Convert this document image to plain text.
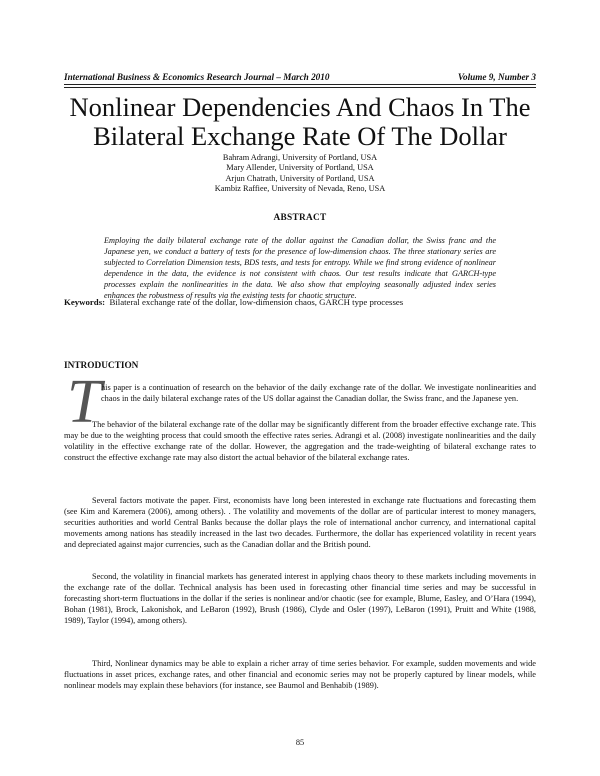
International Business & Economics Research Journal – March 2010	Volume 9, Number 3
Nonlinear Dependencies And Chaos In The
Bilateral Exchange Rate Of The Dollar
Bahram Adrangi, University of Portland, USA
Mary Allender, University of Portland, USA
Arjun Chatrath, University of Portland, USA
Kambiz Raffiee, University of Nevada, Reno, USA
ABSTRACT
Employing the daily bilateral exchange rate of the dollar against the Canadian dollar, the Swiss franc and the Japanese yen, we conduct a battery of tests for the presence of low-dimension chaos. The three stationary series are subjected to Correlation Dimension tests, BDS tests, and tests for entropy. While we find strong evidence of nonlinear dependence in the data, the evidence is not consistent with chaos. Our test results indicate that GARCH-type processes explain the nonlinearities in the data. We also show that employing seasonally adjusted index series enhances the robustness of results via the existing tests for chaotic structure.
Keywords: Bilateral exchange rate of the dollar, low-dimension chaos, GARCH type processes
INTRODUCTION
T his paper is a continuation of research on the behavior of the daily exchange rate of the dollar. We investigate nonlinearities and chaos in the daily bilateral exchange rates of the US dollar against the Canadian dollar, the Swiss franc, and the Japanese yen.
The behavior of the bilateral exchange rate of the dollar may be significantly different from the broader effective exchange rate. This may be due to the weighting process that could smooth the effective rates series. Adrangi et al. (2008) investigate nonlinearities and the daily volatility in the effective exchange rate of the dollar. However, the aggregation and the trade-weighting of bilateral exchange rates to construct the effective exchange rate may also distort the actual behavior of the bilateral exchange rates.
Several factors motivate the paper. First, economists have long been interested in exchange rate fluctuations and forecasting them (see Kim and Karemera (2006), among others). . The volatility and movements of the dollar are of particular interest to money managers, securities authorities and world Central Banks because the dollar plays the role of international anchor currency, and international capital movements among nations has steadily increased in the last two decades. Furthermore, the dollar has experienced volatility in recent years and depreciated against major currencies, such as the Canadian dollar and the British pound.
Second, the volatility in financial markets has generated interest in applying chaos theory to these markets including movements in the exchange rate of the dollar. Technical analysis has been used in forecasting other financial time series and may be successful in forecasting short-term fluctuations in the dollar if the series is nonlinear and/or chaotic (see for example, Blume, Easley, and O’Hara (1994), Bohan (1981), Brock, Lakonishok, and LeBaron (1992), Brush (1986), Clyde and Osler (1997), LeBaron (1991), Pruitt and White (1988, 1989), Taylor (1994), among others).
Third, Nonlinear dynamics may be able to explain a richer array of time series behavior. For example, sudden movements and wide fluctuations in asset prices, exchange rates, and other financial and economic series may not be properly captured by linear models, while nonlinear models may explain these behaviors (for instance, see Baumol and Benhabib (1989).
85
